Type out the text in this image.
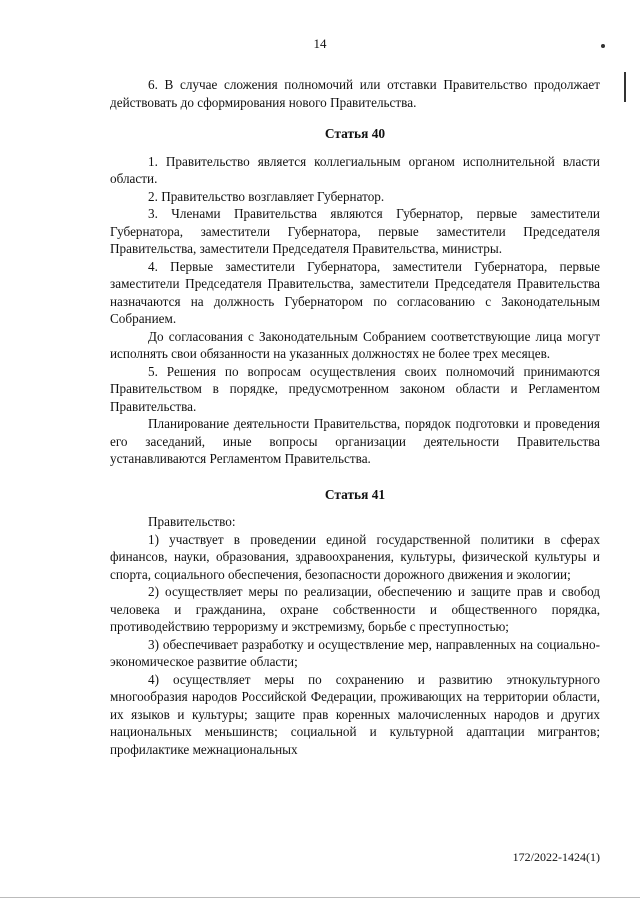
14

6. В случае сложения полномочий или отставки Правительство продолжает действовать до сформирования нового Правительства.

Статья 40

1. Правительство является коллегиальным органом исполнительной власти области.

2. Правительство возглавляет Губернатор.

3. Членами Правительства являются Губернатор, первые заместители Губернатора, заместители Губернатора, первые заместители Председателя Правительства, заместители Председателя Правительства, министры.

4. Первые заместители Губернатора, заместители Губернатора, первые заместители Председателя Правительства, заместители Председателя Правительства назначаются на должность Губернатором по согласованию с Законодательным Собранием.

До согласования с Законодательным Собранием соответствующие лица могут исполнять свои обязанности на указанных должностях не более трех месяцев.

5. Решения по вопросам осуществления своих полномочий принимаются Правительством в порядке, предусмотренном законом области и Регламентом Правительства.

Планирование деятельности Правительства, порядок подготовки и проведения его заседаний, иные вопросы организации деятельности Правительства устанавливаются Регламентом Правительства.

Статья 41

Правительство:

1) участвует в проведении единой государственной политики в сферах финансов, науки, образования, здравоохранения, культуры, физической культуры и спорта, социального обеспечения, безопасности дорожного движения и экологии;

2) осуществляет меры по реализации, обеспечению и защите прав и свобод человека и гражданина, охране собственности и общественного порядка, противодействию терроризму и экстремизму, борьбе с преступностью;

3) обеспечивает разработку и осуществление мер, направленных на социально-экономическое развитие области;

4) осуществляет меры по сохранению и развитию этнокультурного многообразия народов Российской Федерации, проживающих на территории области, их языков и культуры; защите прав коренных малочисленных народов и других национальных меньшинств; социальной и культурной адаптации мигрантов; профилактике межнациональных

172/2022-1424(1)
